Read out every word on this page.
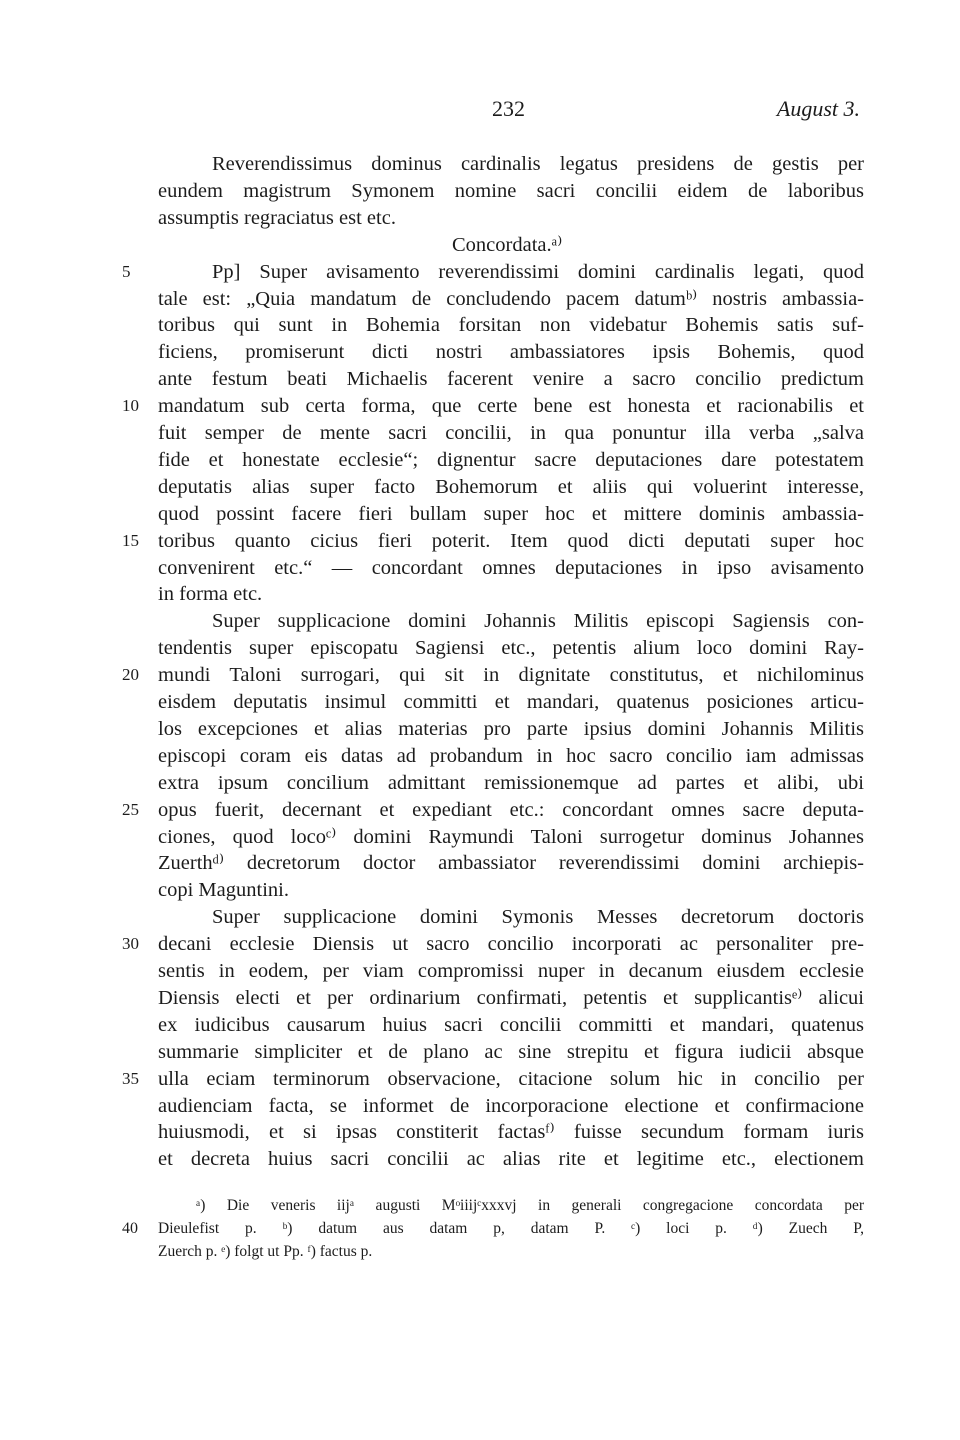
232	August 3.
Reverendissimus dominus cardinalis legatus presidens de gestis per
eundem magistrum Symonem nomine sacri concilii eidem de laboribus
assumptis regraciatus est etc.
Concordata.ᵃ⁾
Pp] Super avisamento reverendissimi domini cardinalis legati, quod
tale est: „Quia mandatum de concludendo pacem datumᵇ⁾ nostris ambassia-
toribus qui sunt in Bohemia forsitan non videbatur Bohemis satis suf-
ficiens, promiserunt dicti nostri ambassiatores ipsis Bohemis, quod
ante festum beati Michaelis facerent venire a sacro concilio predictum
mandatum sub certa forma, que certe bene est honesta et racionabilis et
fuit semper de mente sacri concilii, in qua ponuntur illa verba „salva
fide et honestate ecclesie“; dignentur sacre deputaciones dare potestatem
deputatis alias super facto Bohemorum et aliis qui voluerint interesse,
quod possint facere fieri bullam super hoc et mittere dominis ambassia-
toribus quanto cicius fieri poterit. Item quod dicti deputati super hoc
convenirent etc.“ — concordant omnes deputaciones in ipso avisamento
in forma etc.
Super supplicacione domini Johannis Militis episcopi Sagiensis con-
tendentis super episcopatu Sagiensi etc., petentis alium loco domini Ray-
mundi Taloni surrogari, qui sit in dignitate constitutus, et nichilominus
eisdem deputatis insimul committi et mandari, quatenus posiciones articu-
los excepciones et alias materias pro parte ipsius domini Johannis Militis
episcopi coram eis datas ad probandum in hoc sacro concilio iam admissas
extra ipsum concilium admittant remissionemque ad partes et alibi, ubi
opus fuerit, decernant et expediant etc.: concordant omnes sacre deputa-
ciones, quod locoᶜ⁾ domini Raymundi Taloni surrogetur dominus Johannes
Zuerthᵈ⁾ decretorum doctor ambassiator reverendissimi domini archiepis-
copi Maguntini.
Super supplicacione domini Symonis Messes decretorum doctoris
decani ecclesie Diensis ut sacro concilio incorporati ac personaliter pre-
sentis in eodem, per viam compromissi nuper in decanum eiusdem ecclesie
Diensis electi et per ordinarium confirmati, petentis et supplicantisᵉ⁾ alicui
ex iudicibus causarum huius sacri concilii committi et mandari, quatenus
summarie simpliciter et de plano ac sine strepitu et figura iudicii absque
ulla eciam terminorum observacione, citacione solum hic in concilio per
audienciam facta, se informet de incorporacione electione et confirmacione
huiusmodi, et si ipsas constiterit factasᶠ⁾ fuisse secundum formam iuris
et decreta huius sacri concilii ac alias rite et legitime etc., electionem
5
10
15
20
25
30
35
ᵃ) Die veneris iijᵃ augusti Mᵒiiijᶜxxxvj in generali congregacione concordata per
Dieulefist p. ᵇ) datum aus datam p, datam P. ᶜ) loci p. ᵈ) Zuech P,
Zuerch p. ᵉ) folgt ut Pp. ᶠ) factus p.
40
